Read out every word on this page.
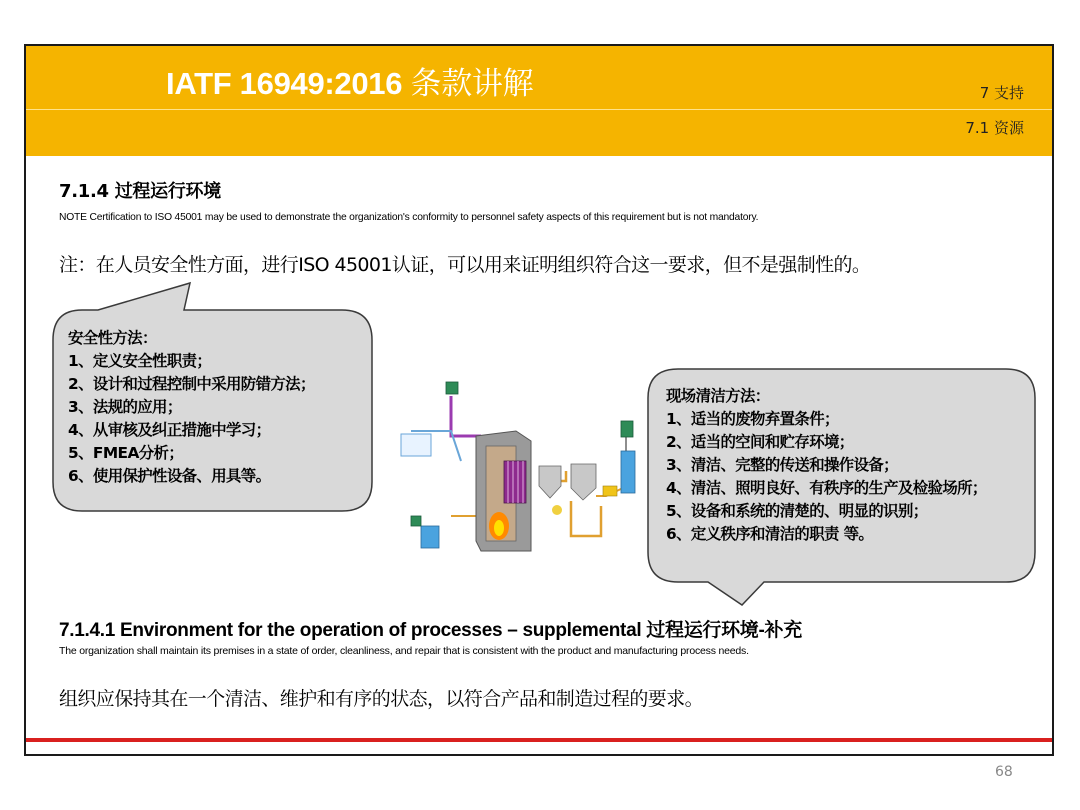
IATF 16949:2016 条款讲解	7 支持
7.1 资源
7.1.4 过程运行环境
NOTE Certification to ISO 45001 may be used to demonstrate the organization's conformity to personnel safety aspects of this requirement but is not mandatory.
注：在人员安全性方面，进行ISO 45001认证，可以用来证明组织符合这一要求，但不是强制性的。
安全性方法：
1、定义安全性职责；
2、设计和过程控制中采用防错方法；
3、法规的应用；
4、从审核及纠正措施中学习；
5、FMEA分析；
6、使用保护性设备、用具等。
现场清洁方法：
1、适当的废物弃置条件；
2、适当的空间和贮存环境；
3、清洁、完整的传送和操作设备；
4、清洁、照明良好、有秩序的生产及检验场所；
5、设备和系统的清楚的、明显的识别；
6、定义秩序和清洁的职责 等。
7.1.4.1 Environment for the operation of processes – supplemental 过程运行环境-补充
The organization shall maintain its premises in a state of order, cleanliness, and repair that is consistent with the product and manufacturing process needs.
组织应保持其在一个清洁、维护和有序的状态，以符合产品和制造过程的要求。
68
